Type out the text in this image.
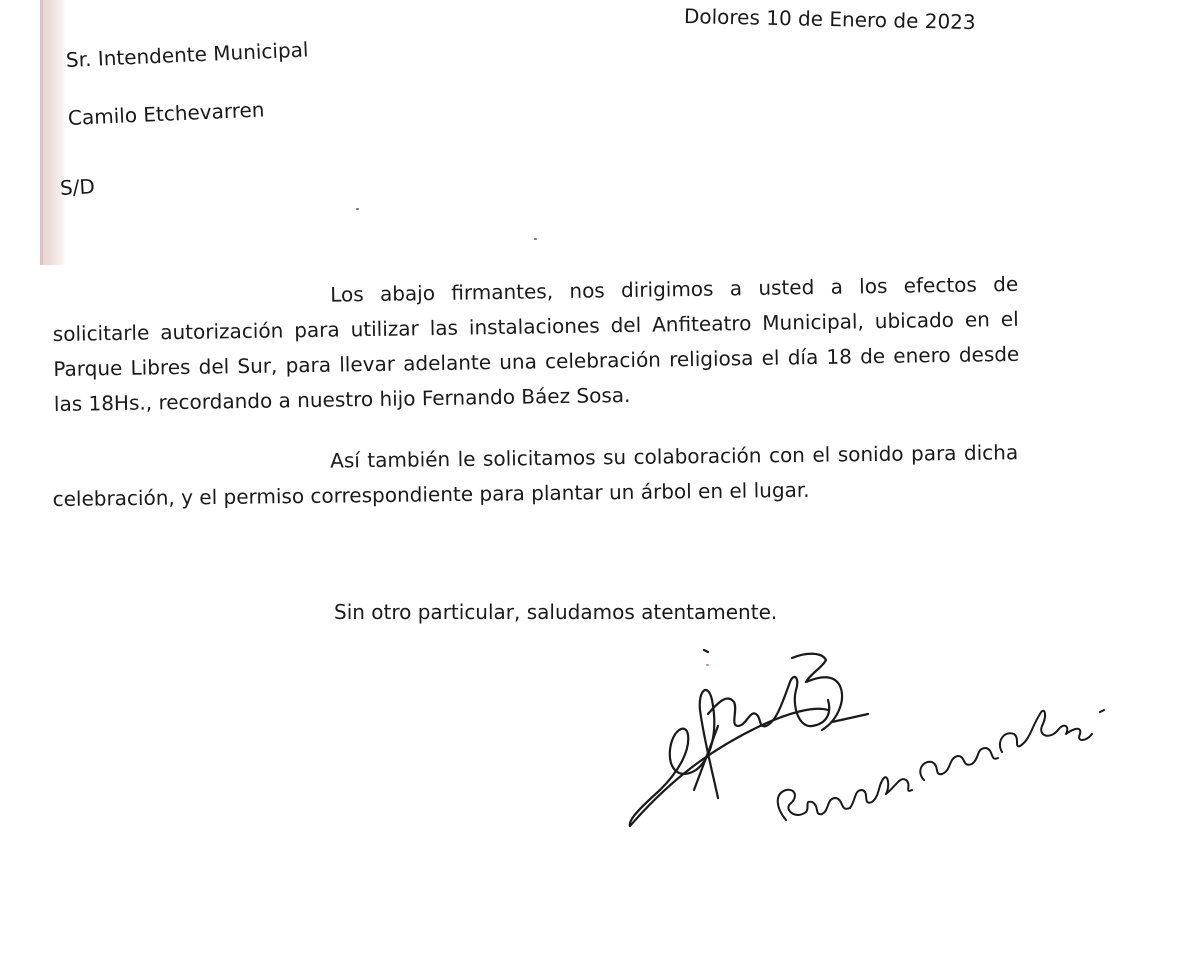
Dolores 10 de Enero de 2023
Sr. Intendente Municipal
Camilo Etchevarren
S/D
Los abajo firmantes, nos dirigimos a usted a los efectos de solicitarle autorización para utilizar las instalaciones del Anfiteatro Municipal, ubicado en el Parque Libres del Sur, para llevar adelante una celebración religiosa el día 18 de enero desde las 18Hs., recordando a nuestro hijo Fernando Báez Sosa.
Así también le solicitamos su colaboración con el sonido para dicha celebración, y el permiso correspondiente para plantar un árbol en el lugar.
Sin otro particular, saludamos atentamente.
